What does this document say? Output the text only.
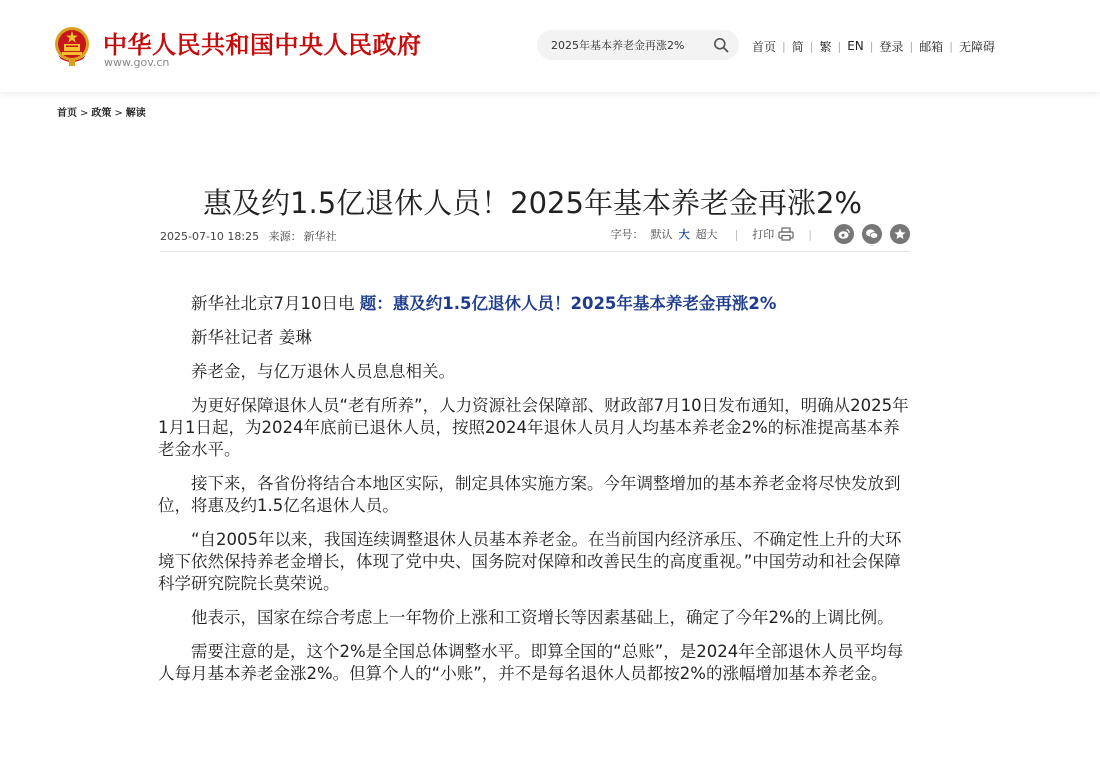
中华人民共和国中央人民政府
www.gov.cn
2025年基本养老金再涨2%
首页 | 简 | 繁 | EN | 登录 | 邮箱 | 无障碍
首页 > 政策 > 解读
惠及约1.5亿退休人员！2025年基本养老金再涨2%
2025-07-10 18:25 来源： 新华社	字号： 默认 大 超大 | 打印	|

新华社北京7月10日电 题：惠及约1.5亿退休人员！2025年基本养老金再涨2%

新华社记者 姜琳

养老金，与亿万退休人员息息相关。

为更好保障退休人员“老有所养”，人力资源社会保障部、财政部7月10日发布通知，明确从2025年1月1日起，为2024年底前已退休人员，按照2024年退休人员月人均基本养老金2%的标准提高基本养老金水平。

接下来，各省份将结合本地区实际，制定具体实施方案。今年调整增加的基本养老金将尽快发放到位，将惠及约1.5亿名退休人员。

“自2005年以来，我国连续调整退休人员基本养老金。在当前国内经济承压、不确定性上升的大环境下依然保持养老金增长，体现了党中央、国务院对保障和改善民生的高度重视。”中国劳动和社会保障科学研究院院长莫荣说。

他表示，国家在综合考虑上一年物价上涨和工资增长等因素基础上，确定了今年2%的上调比例。

需要注意的是，这个2%是全国总体调整水平。即算全国的“总账”，是2024年全部退休人员平均每人每月基本养老金涨2%。但算个人的“小账”，并不是每名退休人员都按2%的涨幅增加基本养老金。
